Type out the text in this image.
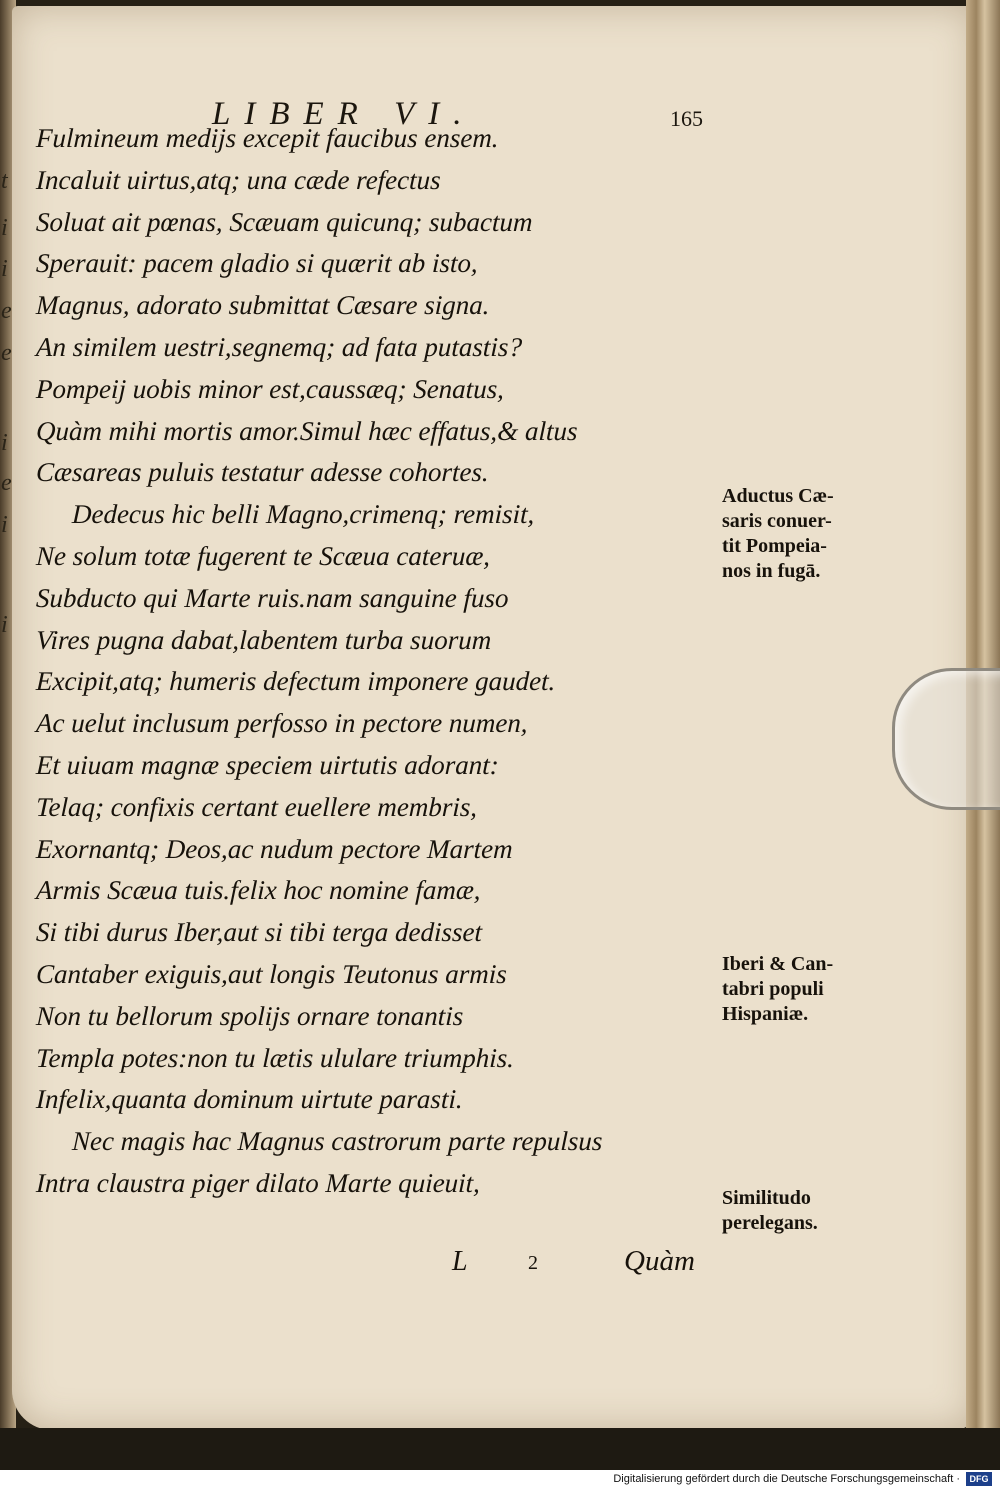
t
i
i
e
e
i
e
i
i
LIBER VI.	165
Fulmineum medijs excepit faucibus ensem.
Incaluit uirtus,atq; una cæde refectus
Soluat ait pœnas, Scæuam quicunq; subactum
Sperauit: pacem gladio si quærit ab isto,
Magnus, adorato submittat Cæsare signa.
An similem uestri,segnemq; ad fata putastis?
Pompeij uobis minor est,caussæq; Senatus,
Quàm mihi mortis amor.Simul hæc effatus,& altus
Cæsareas puluis testatur adesse cohortes.
Dedecus hic belli Magno,crimenq; remisit,
Ne solum totæ fugerent te Scæua cateruæ,
Subducto qui Marte ruis.nam sanguine fuso
Vires pugna dabat,labentem turba suorum
Excipit,atq; humeris defectum imponere gaudet.
Ac uelut inclusum perfosso in pectore numen,
Et uiuam magnæ speciem uirtutis adorant:
Telaq; confixis certant euellere membris,
Exornantq; Deos,ac nudum pectore Martem
Armis Scæua tuis.felix hoc nomine famæ,
Si tibi durus Iber,aut si tibi terga dedisset
Cantaber exiguis,aut longis Teutonus armis
Non tu bellorum spolijs ornare tonantis
Templa potes:non tu lætis ululare triumphis.
Infelix,quanta dominum uirtute parasti.
Nec magis hac Magnus castrorum parte repulsus
Intra claustra piger dilato Marte quieuit,
Aductus Cæ-
saris conuer-
tit Pompeia-
nos in fugā.
Iberi & Can-
tabri populi
Hispaniæ.
Similitudo
perelegans.
L	2	Quàm
Digitalisierung gefördert durch die Deutsche Forschungsgemeinschaft ·	DFG
